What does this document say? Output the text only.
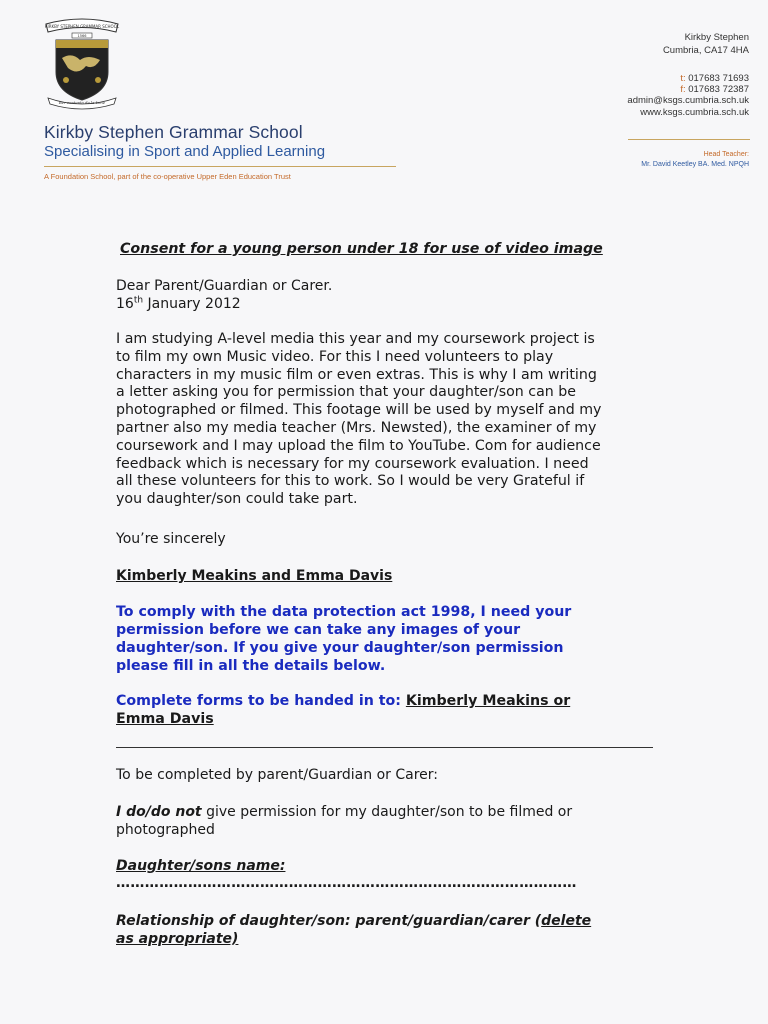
KIRKBY STEPHEN GRAMMAR SCHOOL
1566
Ber contenta de la Lone
Kirkby Stephen Grammar School
Specialising in Sport and Applied Learning
A Foundation School, part of the co-operative Upper Eden Education Trust
Kirkby Stephen
Cumbria, CA17 4HA
t: 017683 71693
f: 017683 72387
admin@ksgs.cumbria.sch.uk
www.ksgs.cumbria.sch.uk
Head Teacher:
Mr. David Keetley BA. Med. NPQH
Consent for a young person under 18 for use of video image
Dear Parent/Guardian or Carer.
16th January 2012
I am studying A-level media this year and my coursework project is
to film my own Music video. For this I need volunteers to play
characters in my music film or even extras. This is why I am writing
a letter asking you for permission that your daughter/son can be
photographed or filmed. This footage will be used by myself and my
partner also my media teacher (Mrs. Newsted), the examiner of my
coursework and I may upload the film to YouTube. Com for audience
feedback which is necessary for my coursework evaluation. I need
all these volunteers for this to work. So I would be very Grateful if
you daughter/son could take part.
You’re sincerely
Kimberly Meakins and Emma Davis
To comply with the data protection act 1998, I need your
permission before we can take any images of your
daughter/son. If you give your daughter/son permission
please fill in all the details below.
Complete forms to be handed in to: Kimberly Meakins or
Emma Davis
To be completed by parent/Guardian or Carer:
I do/do not give permission for my daughter/son to be filmed or
photographed
Daughter/sons name:
……………………………………………………………………………………
Relationship of daughter/son: parent/guardian/carer (delete
as appropriate)
